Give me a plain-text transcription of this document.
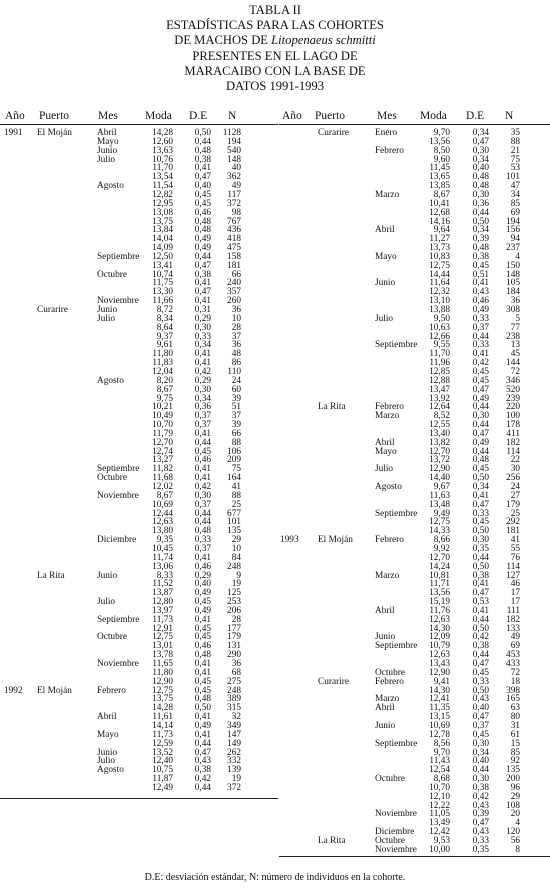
TABLA II
ESTADÍSTICAS PARA LAS COHORTES
DE MACHOS DE Litopenaeus schmitti
PRESENTES EN EL LAGO DE
MARACAIBO CON LA BASE DE
DATOS 1991-1993
Año Puerto	Mes Moda D.E N
1991 El Moján	Abril	14,28	0,50	1128
Mayo	12,60	0,44	194
Junio	13,63	0,48	540
Julio	10,76	0,38	148
11,70	0,41	40
13,54	0,47	362
Agosto	11,54	0,40	49
12,82	0,45	117
12,95	0,45	372
13,08	0,46	98
13,75	0,48	767
13,84	0,48	436
14,04	0,49	418
14,09	0,49	475
Septiembre	12,50	0,44	158
13,41	0,47	181
Octubre	10,74	0,38	66
11,75	0,41	240
13,30	0,47	357
Noviembre	11,66	0,41	260
Curarire	Junio	8,72	0,31	36
Julio	8,34	0,29	10
8,64	0,30	28
9,37	0,33	37
9,61	0,34	36
11,80	0,41	48
11,83	0,41	86
12,04	0,42	110
Agosto	8,20	0,29	24
8,67	0,30	60
9,75	0,34	39
10,21	0,36	51
10,49	0,37	37
10,70	0,37	39
11,79	0,41	66
12,70	0,44	88
12,74	0,45	106
13,27	0,46	209
Septiembre	11,82	0,41	75
Octubre	11,68	0,41	164
12,02	0,42	41
Noviembre	8,67	0,30	88
10,69	0,37	25
12,44	0,44	677
12,63	0,44	101
13,80	0,48	135
Diciembre	9,35	0,33	29
10,45	0,37	10
11,74	0,41	84
13,06	0,46	248
La Rita	Junio	8,33	0,29	9
11,52	0,40	19
13,87	0,49	125
Julio	12,80	0,45	253
13,97	0,49	206
Septiembre	11,73	0,41	28
12,91	0,45	177
Octubre	12,75	0,45	179
13,01	0,46	131
13,78	0,48	290
Noviembre	11,65	0,41	36
11,80	0,41	68
12,90	0,45	275
1992 El Moján	Febrero	12,75	0,45	248
13,75	0,48	389
14,28	0,50	315
Abril	11,61	0,41	32
14,14	0,49	349
Mayo	11,73	0,41	147
12,59	0,44	149
Junio	13,52	0,47	262
Julio	12,40	0,43	332
Agosto	10,75	0,38	139
11,87	0,42	19
12,49	0,44	372
Año Puerto	Mes Moda D.E N
Curarire	Enero	9,70	0,34	35
13,56	0,47	88
Febrero	8,50	0,30	21
9,60	0,34	75
11,45	0,40	53
13,65	0,48	101
13,85	0,48	47
Marzo	8,67	0,30	34
10,41	0,36	85
12,68	0,44	69
14,16	0,50	194
Abril	9,64	0,34	156
11,27	0,39	94
13,73	0,48	237
Mayo	10,83	0,38	4
12,75	0,45	150
14,44	0,51	148
Junio	11,64	0,41	105
12,32	0,43	184
13,10	0,46	36
13,88	0,49	308
Julio	9,50	0,33	5
10,63	0,37	77
12,66	0,44	238
Septiembre	9,55	0,33	13
11,70	0,41	45
11,96	0,42	144
12,85	0,45	72
12,88	0,45	346
13,47	0,47	520
13,92	0,49	239
La Rita	Febrero	12,64	0,44	220
Marzo	8,52	0,30	100
12,55	0,44	178
13,40	0,47	411
Abril	13,82	0,49	182
Mayo	12,70	0,44	114
13,72	0,48	22
Julio	12,90	0,45	30
14,40	0,50	256
Agosto	9,67	0,34	24
11,63	0,41	27
13,48	0,47	179
Septiembre	9,49	0,33	25
12,75	0,45	292
14,33	0,50	181
1993 El Moján Febrero	8,66	0,30	41
9,92	0,35	55
12,70	0,44	76
14,24	0,50	114
Marzo	10,81	0,38	127
11,71	0,41	46
13,56	0,47	17
15,19	0,53	17
Abril	11,76	0,41	111
12,63	0,44	182
14,30	0,50	133
Junio	12,09	0,42	49
Septiembre	10,79	0,38	69
12,63	0,44	453
13,43	0,47	433
Octubre	12,90	0,45	72
Curarire	Febrero	9,41	0,33	18
14,30	0,50	398
Marzo	12,41	0,43	165
Abril	11,35	0,40	63
13,15	0,47	80
Junio	10,69	0,37	31
12,78	0,45	61
Septiembre	8,56	0,30	15
9,70	0,34	85
11,43	0,40	92
12,54	0,44	135
Octubre	8,68	0,30	200
10,70	0,38	96
12,10	0,42	29
12,22	0,43	108
Noviembre	11,05	0,39	20
13,49	0,47	4
Diciembre	12,42	0,43	120
La Rita	Octubre	9,53	0,33	56
Noviembre	10,00	0,35	8
D.E: desviación estándar, N: número de individuos en la cohorte.
